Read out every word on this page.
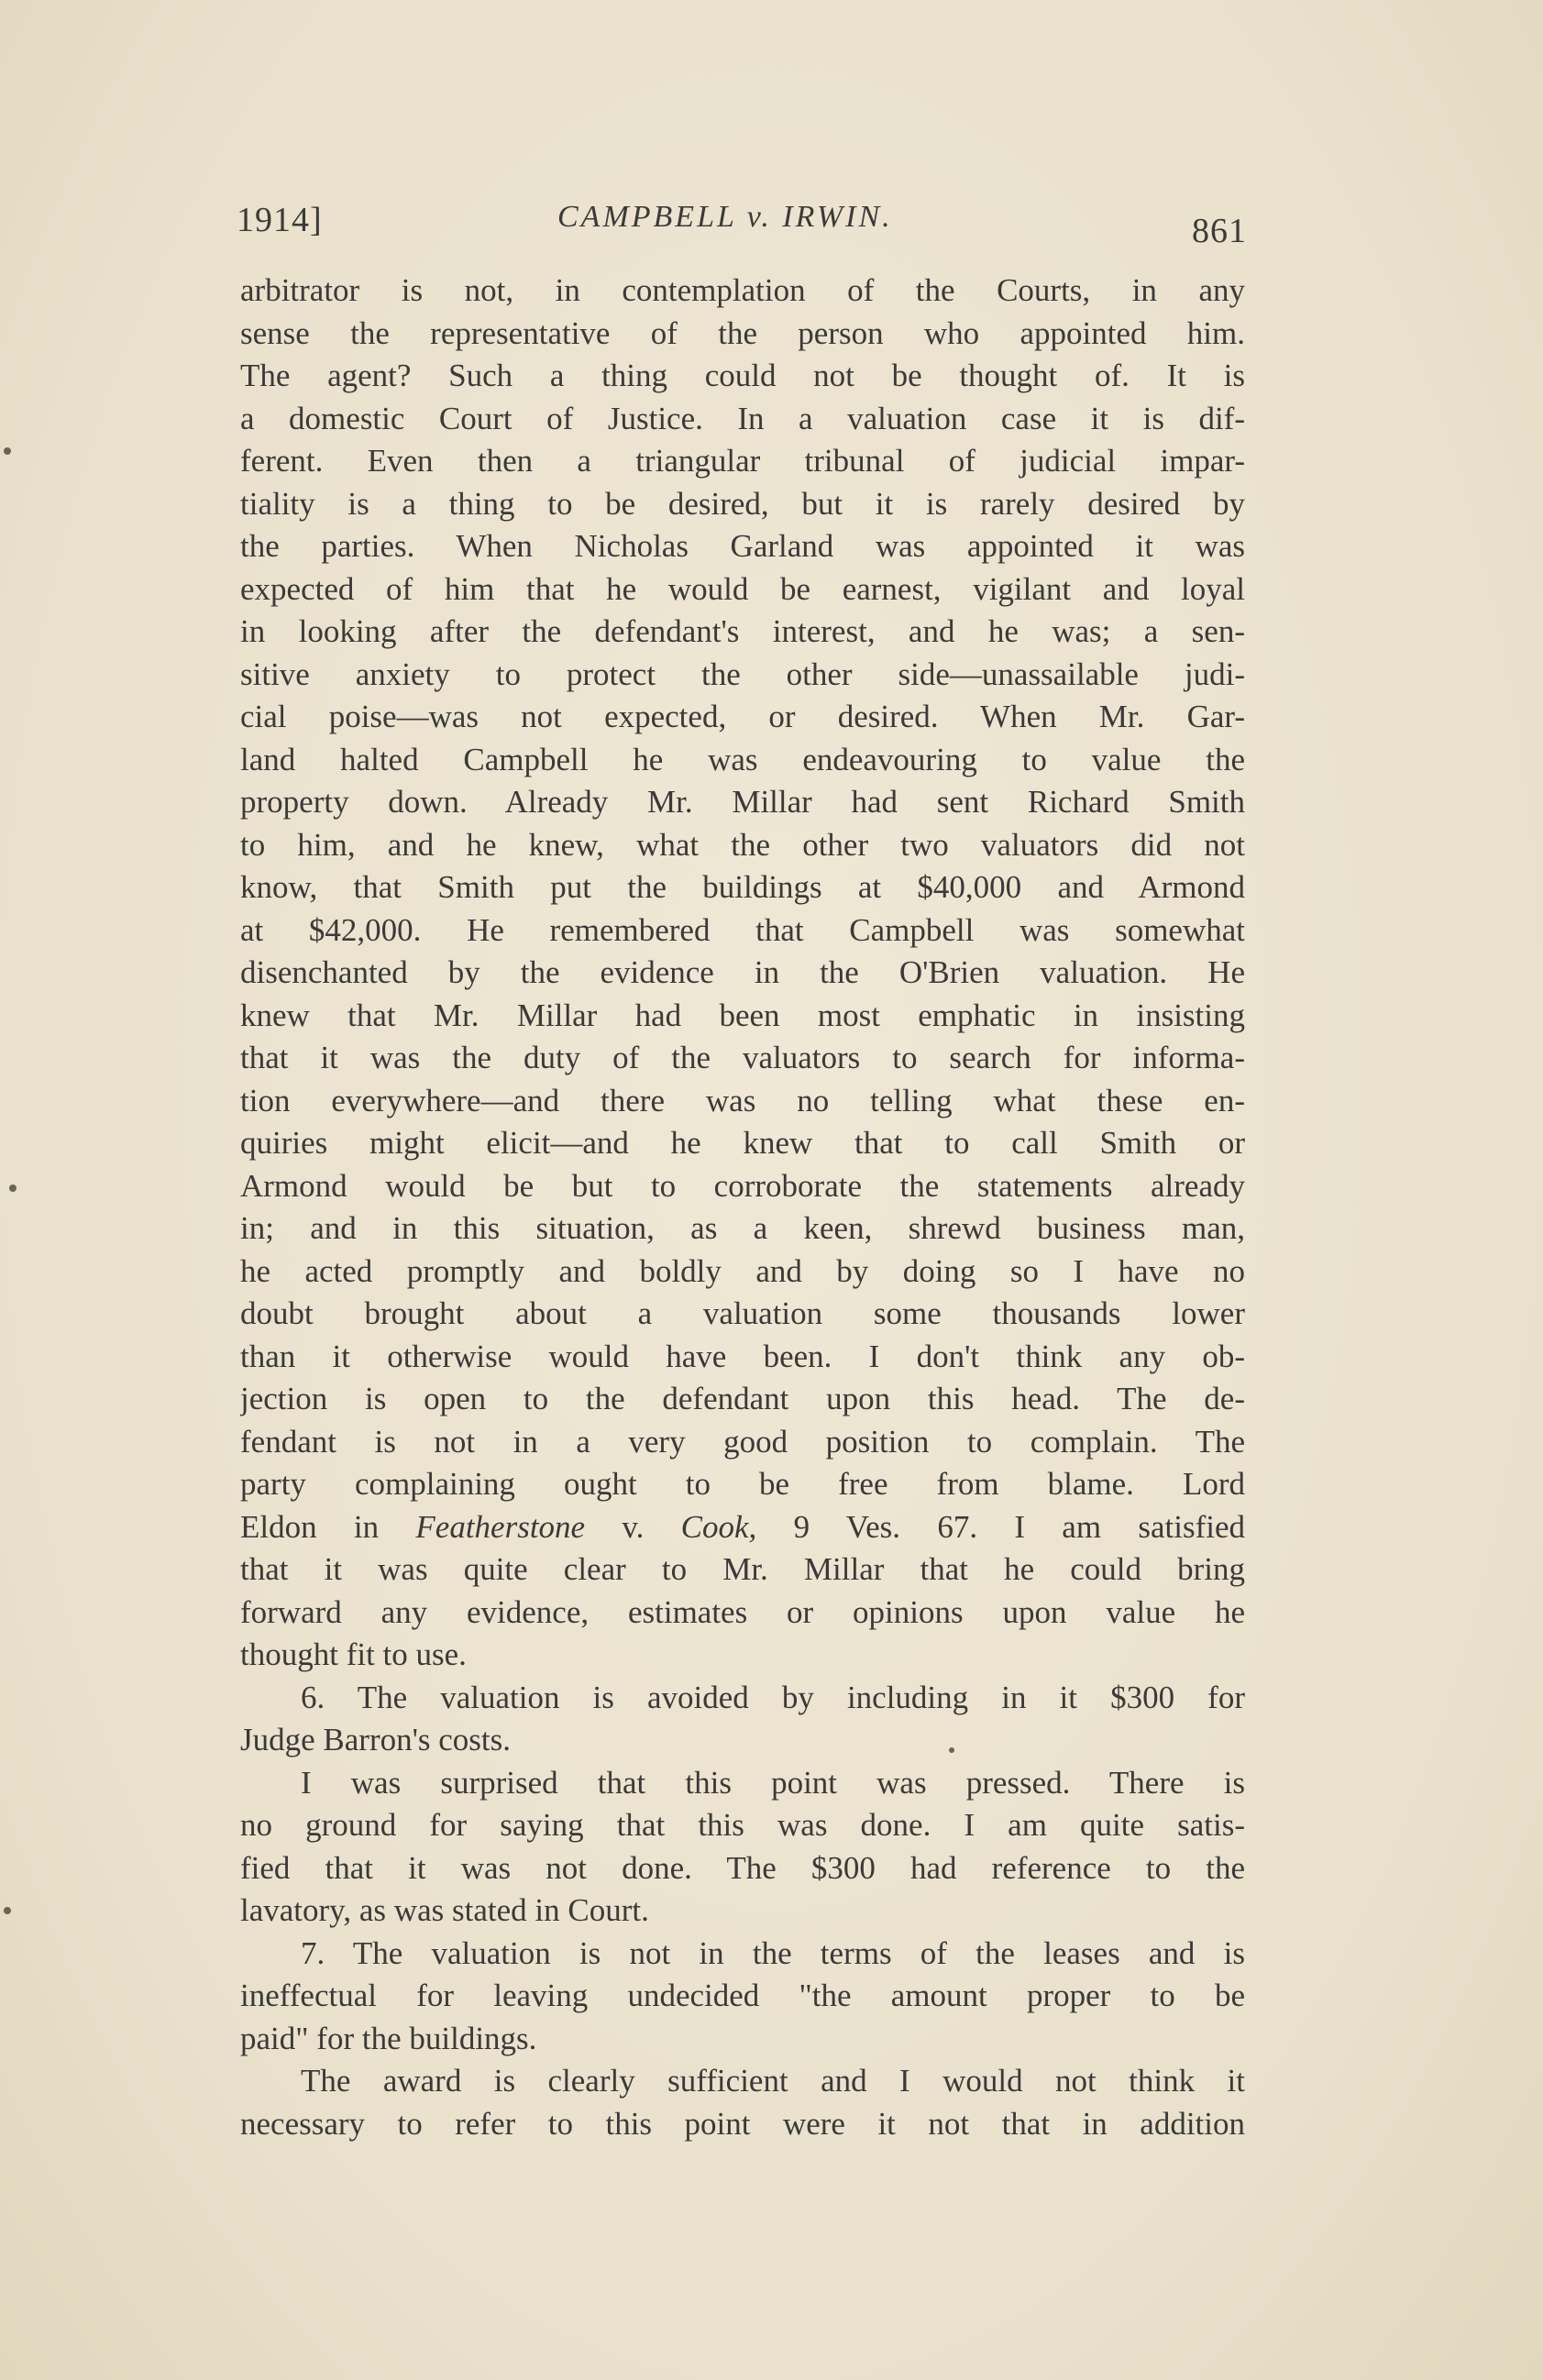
1914]	CAMPBELL v. IRWIN.	861
arbitrator is not, in contemplation of the Courts, in any
sense the representative of the person who appointed him.
The agent? Such a thing could not be thought of. It is
a domestic Court of Justice. In a valuation case it is dif-
ferent. Even then a triangular tribunal of judicial impar-
tiality is a thing to be desired, but it is rarely desired by
the parties. When Nicholas Garland was appointed it was
expected of him that he would be earnest, vigilant and loyal
in looking after the defendant's interest, and he was; a sen-
sitive anxiety to protect the other side—unassailable judi-
cial poise—was not expected, or desired. When Mr. Gar-
land halted Campbell he was endeavouring to value the
property down. Already Mr. Millar had sent Richard Smith
to him, and he knew, what the other two valuators did not
know, that Smith put the buildings at $40,000 and Armond
at $42,000. He remembered that Campbell was somewhat
disenchanted by the evidence in the O'Brien valuation. He
knew that Mr. Millar had been most emphatic in insisting
that it was the duty of the valuators to search for informa-
tion everywhere—and there was no telling what these en-
quiries might elicit—and he knew that to call Smith or
Armond would be but to corroborate the statements already
in; and in this situation, as a keen, shrewd business man,
he acted promptly and boldly and by doing so I have no
doubt brought about a valuation some thousands lower
than it otherwise would have been. I don't think any ob-
jection is open to the defendant upon this head. The de-
fendant is not in a very good position to complain. The
party complaining ought to be free from blame. Lord
Eldon in Featherstone v. Cook, 9 Ves. 67. I am satisfied
that it was quite clear to Mr. Millar that he could bring
forward any evidence, estimates or opinions upon value he
thought fit to use.
6. The valuation is avoided by including in it $300 for
Judge Barron's costs.
I was surprised that this point was pressed. There is
no ground for saying that this was done. I am quite satis-
fied that it was not done. The $300 had reference to the
lavatory, as was stated in Court.
7. The valuation is not in the terms of the leases and is
ineffectual for leaving undecided "the amount proper to be
paid" for the buildings.
The award is clearly sufficient and I would not think it
necessary to refer to this point were it not that in addition
